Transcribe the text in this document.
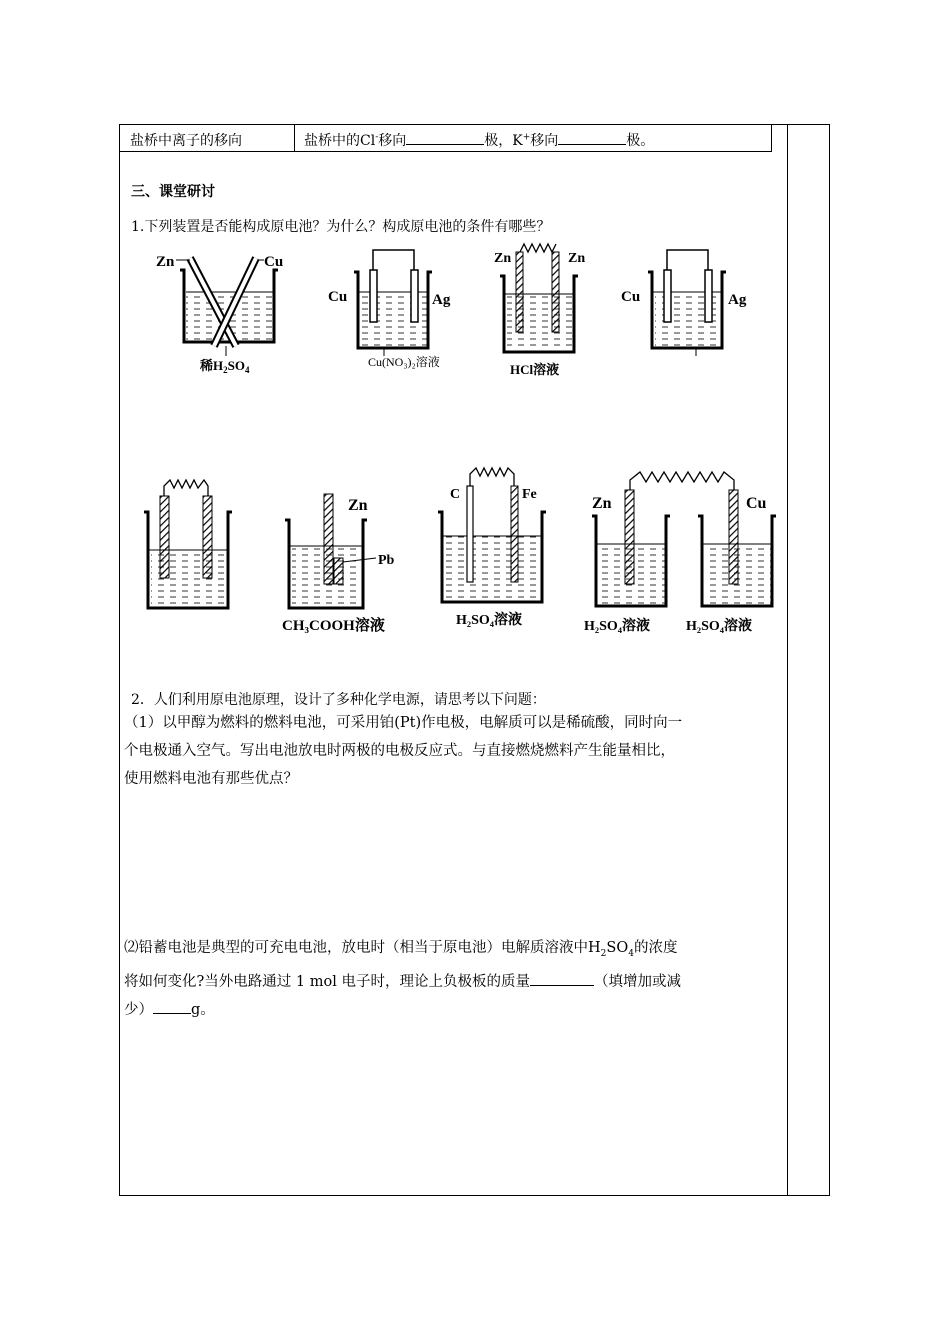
盐桥中离子的移向	盐桥中的Cl-移向	极，K+移向	极。
三、课堂研讨
1.下列装置是否能构成原电池？为什么？构成原电池的条件有哪些？
Zn	Cu
稀$H_2SO_4$
Cu	Ag
Cu(NO₃)₂溶液
Zn	Zn
HCl溶液
Cu	Ag
Zn
Pb
CH₃COOH溶液
C	Fe
H₂SO₄溶液
Zn	Cu
H₂SO₄溶液	H₂SO₄溶液
2．人们利用原电池原理，设计了多种化学电源，请思考以下问题：
（1）以甲醇为燃料的燃料电池，可采用铂(Pt)作电极，电解质可以是稀硫酸，同时向一
个电极通入空气。写出电池放电时两极的电极反应式。与直接燃烧燃料产生能量相比，
使用燃料电池有那些优点？
⑵铅蓄电池是典型的可充电电池，放电时（相当于原电池）电解质溶液中$H_2SO_4$的浓度
将如何变化?当外电路通过 1 mol 电子时，理论上负极板的质量	（填增加或减
少）	g。
